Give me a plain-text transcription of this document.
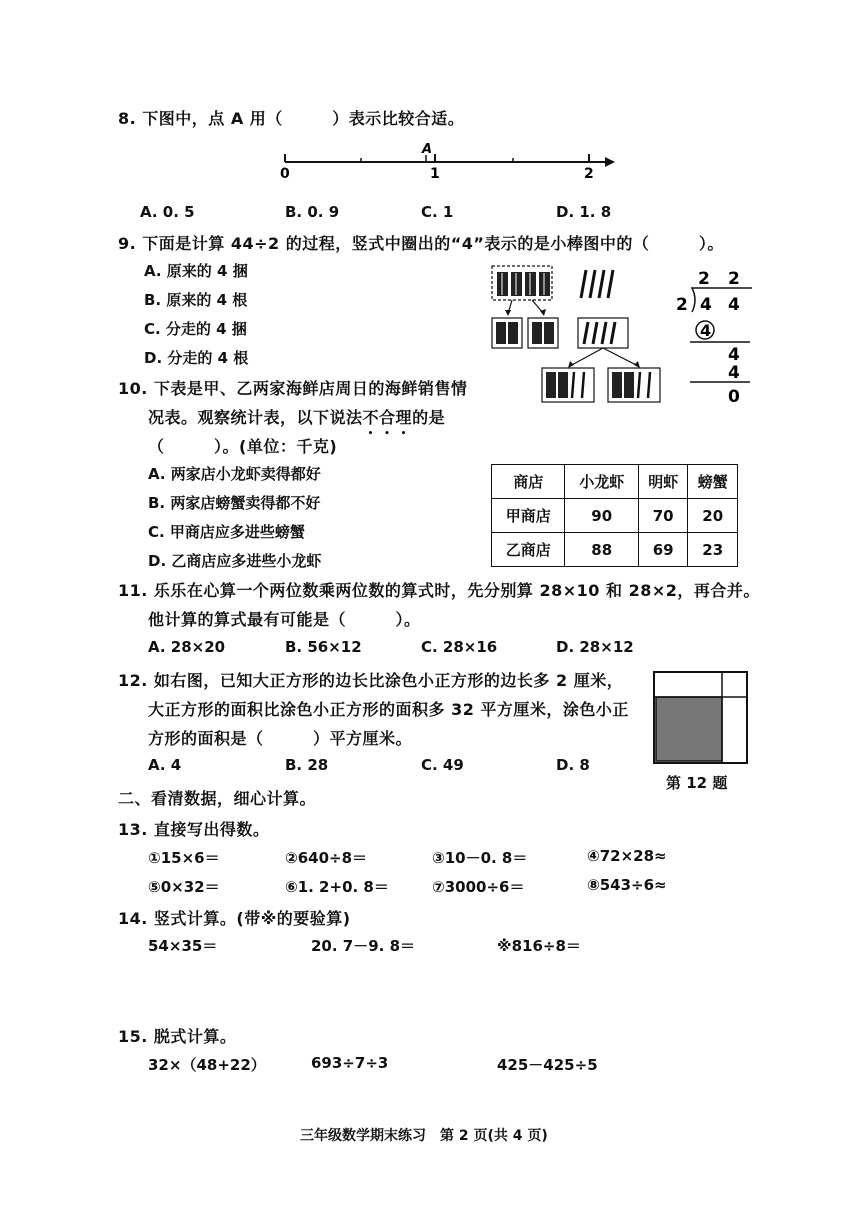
8. 下图中，点 A 用（　　　）表示比较合适。
A
0	1	2
A. 0. 5	B. 0. 9	C. 1	D. 1. 8
9. 下面是计算 44÷2 的过程，竖式中圈出的“4”表示的是小棒图中的（　　　）。
A. 原来的 4 捆
B. 原来的 4 根
C. 分走的 4 捆
D. 分走的 4 根
2 2
2 4 4
4
4
4
0
10. 下表是甲、乙两家海鲜店周日的海鲜销售情
况表。观察统计表，以下说法不合理的是
（　　　）。(单位：千克)
A. 两家店小龙虾卖得都好
B. 两家店螃蟹卖得都不好
C. 甲商店应多进些螃蟹
D. 乙商店应多进些小龙虾
商店	小龙虾	明虾	螃蟹
甲商店	90	70	20
乙商店	88	69	23
11. 乐乐在心算一个两位数乘两位数的算式时，先分别算 28×10 和 28×2，再合并。
他计算的算式最有可能是（　　　）。
A. 28×20	B. 56×12	C. 28×16	D. 28×12
12. 如右图，已知大正方形的边长比涂色小正方形的边长多 2 厘米，
大正方形的面积比涂色小正方形的面积多 32 平方厘米，涂色小正
方形的面积是（　　　）平方厘米。
A. 4	B. 28	C. 49	D. 8
第 12 题
二、看清数据，细心计算。
13. 直接写出得数。
①15×6＝	②640÷8＝	③10－0. 8＝	④72×28≈
⑤0×32＝	⑥1. 2+0. 8＝	⑦3000÷6＝	⑧543÷6≈
14. 竖式计算。(带※的要验算)
54×35＝	20. 7－9. 8＝	※816÷8＝
15. 脱式计算。
32×（48+22）	693÷7÷3	425－425÷5
三年级数学期末练习　第 2 页(共 4 页)
